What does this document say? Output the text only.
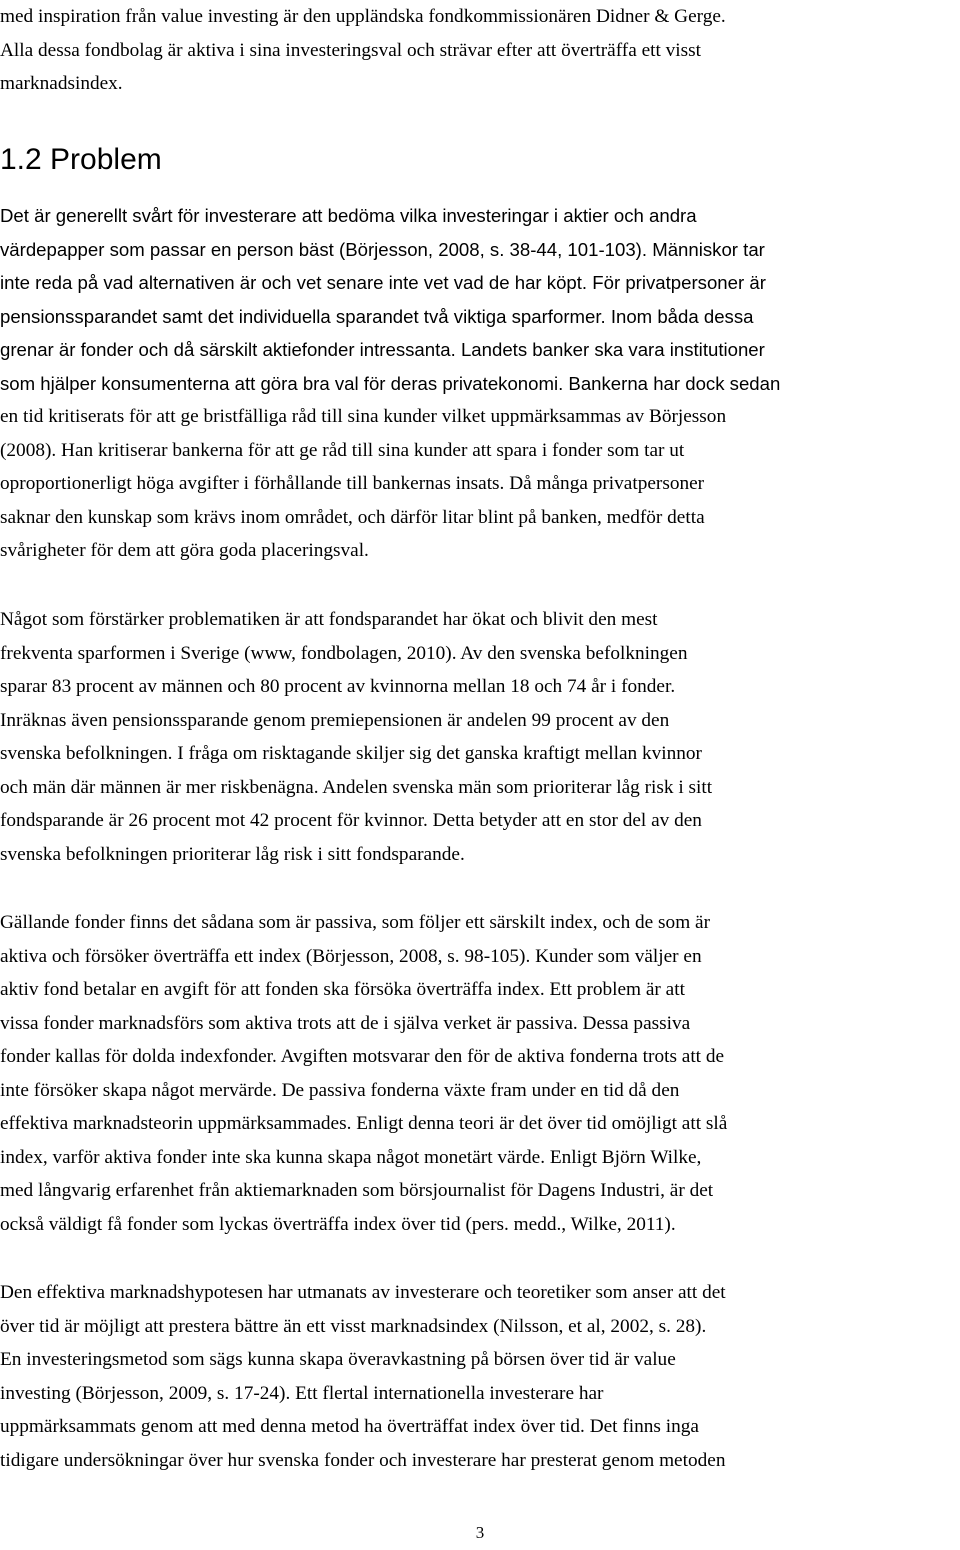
med inspiration från value investing är den uppländska fondkommissionären Didner & Gerge.
Alla dessa fondbolag är aktiva i sina investeringsval och strävar efter att överträffa ett visst
marknadsindex.

1.2 Problem

Det är generellt svårt för investerare att bedöma vilka investeringar i aktier och andra
värdepapper som passar en person bäst (Börjesson, 2008, s. 38-44, 101-103). Människor tar
inte reda på vad alternativen är och vet senare inte vet vad de har köpt. För privatpersoner är
pensionssparandet samt det individuella sparandet två viktiga sparformer. Inom båda dessa
grenar är fonder och då särskilt aktiefonder intressanta. Landets banker ska vara institutioner
som hjälper konsumenterna att göra bra val för deras privatekonomi. Bankerna har dock sedan
en tid kritiserats för att ge bristfälliga råd till sina kunder vilket uppmärksammas av Börjesson
(2008). Han kritiserar bankerna för att ge råd till sina kunder att spara i fonder som tar ut
oproportionerligt höga avgifter i förhållande till bankernas insats. Då många privatpersoner
saknar den kunskap som krävs inom området, och därför litar blint på banken, medför detta
svårigheter för dem att göra goda placeringsval.

Något som förstärker problematiken är att fondsparandet har ökat och blivit den mest
frekventa sparformen i Sverige (www, fondbolagen, 2010). Av den svenska befolkningen
sparar 83 procent av männen och 80 procent av kvinnorna mellan 18 och 74 år i fonder.
Inräknas även pensionssparande genom premiepensionen är andelen 99 procent av den
svenska befolkningen. I fråga om risktagande skiljer sig det ganska kraftigt mellan kvinnor
och män där männen är mer riskbenägna. Andelen svenska män som prioriterar låg risk i sitt
fondsparande är 26 procent mot 42 procent för kvinnor. Detta betyder att en stor del av den
svenska befolkningen prioriterar låg risk i sitt fondsparande.

Gällande fonder finns det sådana som är passiva, som följer ett särskilt index, och de som är
aktiva och försöker överträffa ett index (Börjesson, 2008, s. 98-105). Kunder som väljer en
aktiv fond betalar en avgift för att fonden ska försöka överträffa index. Ett problem är att
vissa fonder marknadsförs som aktiva trots att de i själva verket är passiva. Dessa passiva
fonder kallas för dolda indexfonder. Avgiften motsvarar den för de aktiva fonderna trots att de
inte försöker skapa något mervärde. De passiva fonderna växte fram under en tid då den
effektiva marknadsteorin uppmärksammades. Enligt denna teori är det över tid omöjligt att slå
index, varför aktiva fonder inte ska kunna skapa något monetärt värde. Enligt Björn Wilke,
med långvarig erfarenhet från aktiemarknaden som börsjournalist för Dagens Industri, är det
också väldigt få fonder som lyckas överträffa index över tid (pers. medd., Wilke, 2011).

Den effektiva marknadshypotesen har utmanats av investerare och teoretiker som anser att det
över tid är möjligt att prestera bättre än ett visst marknadsindex (Nilsson, et al, 2002, s. 28).
En investeringsmetod som sägs kunna skapa överavkastning på börsen över tid är value
investing (Börjesson, 2009, s. 17-24). Ett flertal internationella investerare har
uppmärksammats genom att med denna metod ha överträffat index över tid. Det finns inga
tidigare undersökningar över hur svenska fonder och investerare har presterat genom metoden

3
